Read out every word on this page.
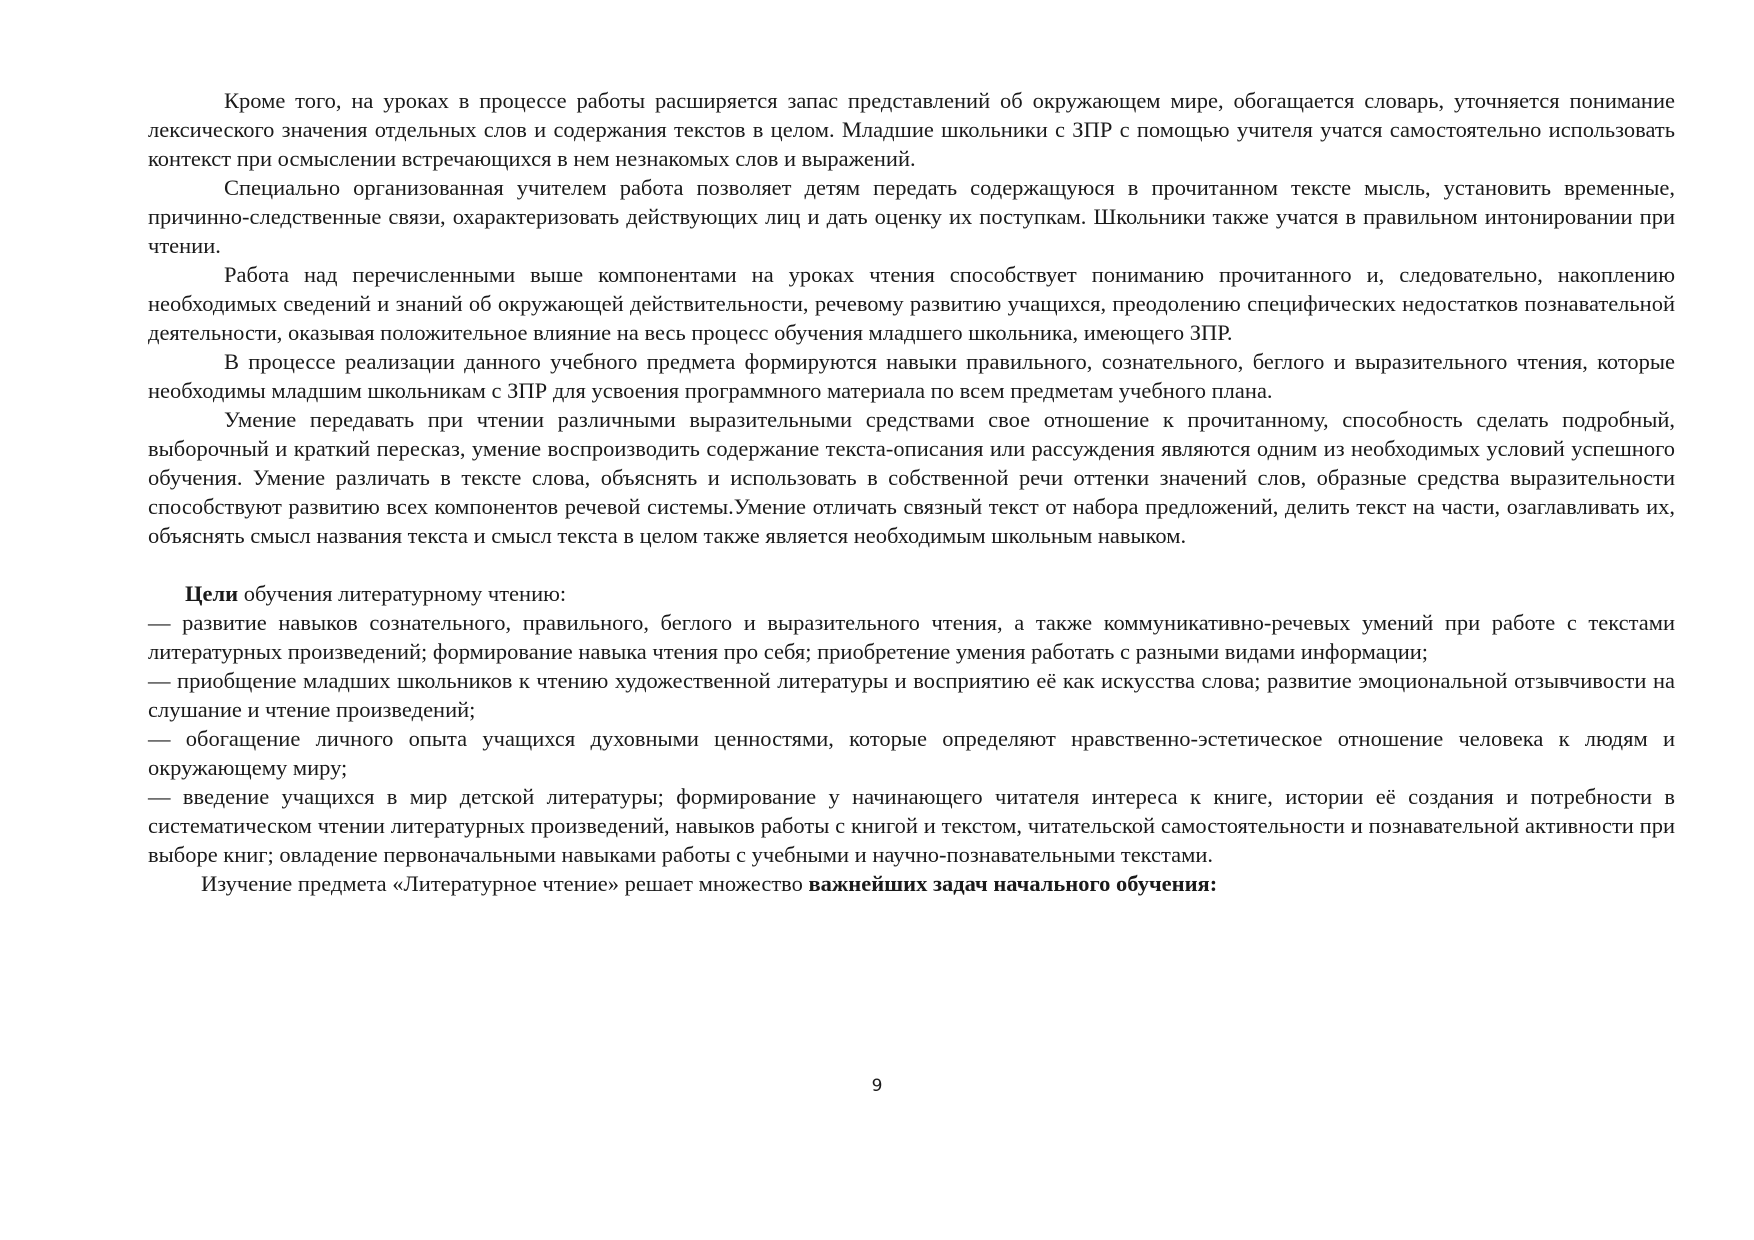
Кроме того, на уроках в процессе работы расширяется запас представлений об окружающем мире, обогащается словарь, уточняется понимание лексического значения отдельных слов и содержания текстов в целом. Младшие школьники с ЗПР с помощью учителя учатся самостоятельно использовать контекст при осмыслении встречающихся в нем незнакомых слов и выражений.

Специально организованная учителем работа позволяет детям передать содержащуюся в прочитанном тексте мысль, установить временные, причинно-следственные связи, охарактеризовать действующих лиц и дать оценку их поступкам. Школьники также учатся в правильном интонировании при чтении.

Работа над перечисленными выше компонентами на уроках чтения способствует пониманию прочитанного и, следовательно, накоплению необходимых сведений и знаний об окружающей действительности, речевому развитию учащихся, преодолению специфических недостатков познавательной деятельности, оказывая положительное влияние на весь процесс обучения младшего школьника, имеющего ЗПР.

В процессе реализации данного учебного предмета формируются навыки правильного, сознательного, беглого и выразительного чтения, которые необходимы младшим школьникам с ЗПР для усвоения программного материала по всем предметам учебного плана.

Умение передавать при чтении различными выразительными средствами свое отношение к прочитанному, способность сделать подробный, выборочный и краткий пересказ, умение воспроизводить содержание текста-описания или рассуждения являются одним из необходимых условий успешного обучения. Умение различать в тексте слова, объяснять и использовать в собственной речи оттенки значений слов, образные средства выразительности способствуют развитию всех компонентов речевой системы.Умение отличать связный текст от набора предложений, делить текст на части, озаглавливать их, объяснять смысл названия текста и смысл текста в целом также является необходимым школьным навыком.

Цели обучения литературному чтению:

— развитие навыков сознательного, правильного, беглого и выразительного чтения, а также коммуникативно-речевых умений при работе с текстами литературных произведений; формирование навыка чтения про себя; приобретение умения работать с разными видами информации;

— приобщение младших школьников к чтению художественной литературы и восприятию её как искусства слова; развитие эмоциональной отзывчивости на слушание и чтение произведений;

— обогащение личного опыта учащихся духовными ценностями, которые определяют нравственно-эстетическое отношение человека к людям и окружающему миру;

— введение учащихся в мир детской литературы; формирование у начинающего читателя интереса к книге, истории её создания и потребности в систематическом чтении литературных произведений, навыков работы с книгой и текстом, читательской самостоятельности и познавательной активности при выборе книг; овладение первоначальными навыками работы с учебными и научно-познавательными текстами.

Изучение предмета «Литературное чтение» решает множество важнейших задач начального обучения:

9
